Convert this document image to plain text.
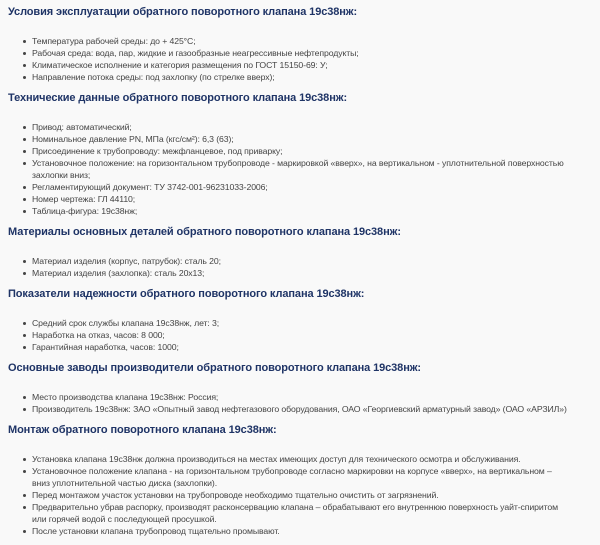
Условия эксплуатации обратного поворотного клапана 19с38нж:
Температура рабочей среды: до + 425°С;
Рабочая среда: вода, пар, жидкие и газообразные неагрессивные нефтепродукты;
Климатическое исполнение и категория размещения по ГОСТ 15150-69: У;
Направление потока среды: под захлопку (по стрелке вверх);
Технические данные обратного поворотного клапана 19с38нж:
Привод: автоматический;
Номинальное давление PN, МПа (кгс/см²): 6,3 (63);
Присоединение к трубопроводу: межфланцевое, под приварку;
Установочное положение: на горизонтальном трубопроводе - маркировкой «вверх», на вертикальном - уплотнительной поверхностью захлопки вниз;
Регламентирующий документ: ТУ 3742-001-96231033-2006;
Номер чертежа: ГЛ 44110;
Таблица-фигура: 19с38нж;
Материалы основных деталей обратного поворотного клапана 19с38нж:
Материал изделия (корпус, патрубок): сталь 20;
Материал изделия (захлопка): сталь 20х13;
Показатели надежности обратного поворотного клапана 19с38нж:
Средний срок службы клапана 19с38нж, лет: 3;
Наработка на отказ, часов: 8 000;
Гарантийная наработка, часов: 1000;
Основные заводы производители обратного поворотного клапана 19с38нж:
Место производства клапана 19с38нж: Россия;
Производитель 19с38нж: ЗАО «Опытный завод нефтегазового оборудования, ОАО «Георгиевский арматурный завод» (ОАО «АРЗИЛ»)
Монтаж обратного поворотного клапана 19с38нж:
Установка клапана 19с38нж должна производиться на местах имеющих доступ для технического осмотра и обслуживания.
Установочное положение клапана - на горизонтальном трубопроводе согласно маркировки на корпусе «вверх», на вертикальном – вниз уплотнительной частью диска (захлопки).
Перед монтажом участок установки на трубопроводе необходимо тщательно очистить от загрязнений.
Предварительно убрав распорку, производят расконсервацию клапана – обрабатывают его внутреннюю поверхность уайт-спиритом или горячей водой с последующей просушкой.
После установки клапана трубопровод тщательно промывают.
